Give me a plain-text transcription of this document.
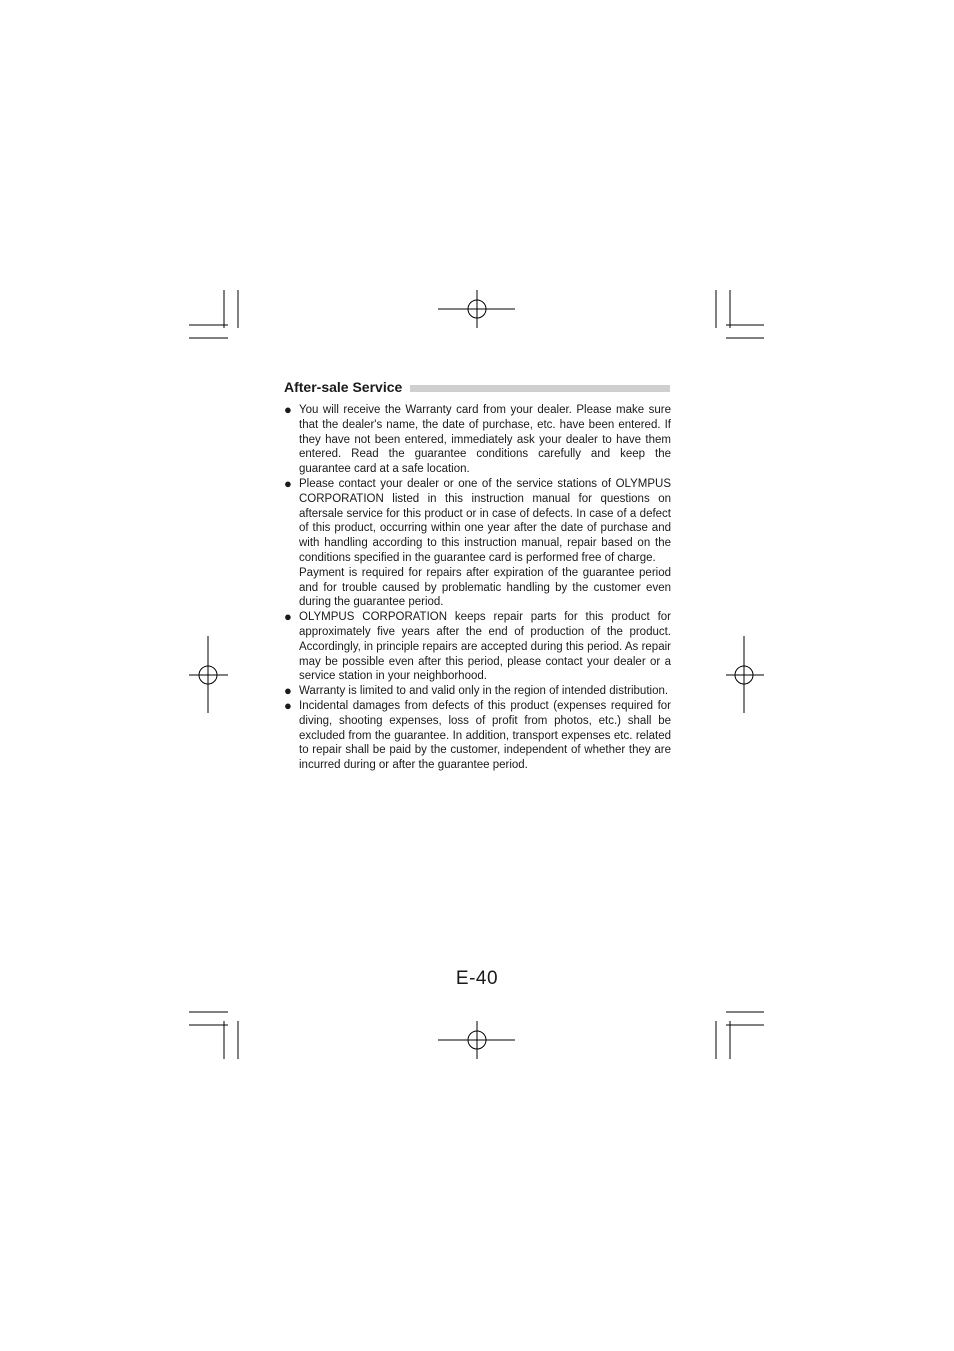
After-sale Service
● You will receive the Warranty card from your dealer. Please make sure that the dealer's name, the date of purchase, etc. have been entered. If they have not been entered, immediately ask your dealer to have them entered. Read the guarantee conditions carefully and keep the guarantee card at a safe location.

● Please contact your dealer or one of the service stations of OLYMPUS CORPORATION listed in this instruction manual for questions on aftersale service for this product or in case of defects. In case of a defect of this product, occurring within one year after the date of purchase and with handling according to this instruction manual, repair based on the conditions specified in the guarantee card is performed free of charge.

Payment is required for repairs after expiration of the guarantee period and for trouble caused by problematic handling by the customer even during the guarantee period.

● OLYMPUS CORPORATION keeps repair parts for this product for approximately five years after the end of production of the product. Accordingly, in principle repairs are accepted during this period. As repair may be possible even after this period, please contact your dealer or a service station in your neighborhood.

● Warranty is limited to and valid only in the region of intended distribution.

● Incidental damages from defects of this product (expenses required for diving, shooting expenses, loss of profit from photos, etc.) shall be excluded from the guarantee. In addition, transport expenses etc. related to repair shall be paid by the customer, independent of whether they are incurred during or after the guarantee period.

E-40
